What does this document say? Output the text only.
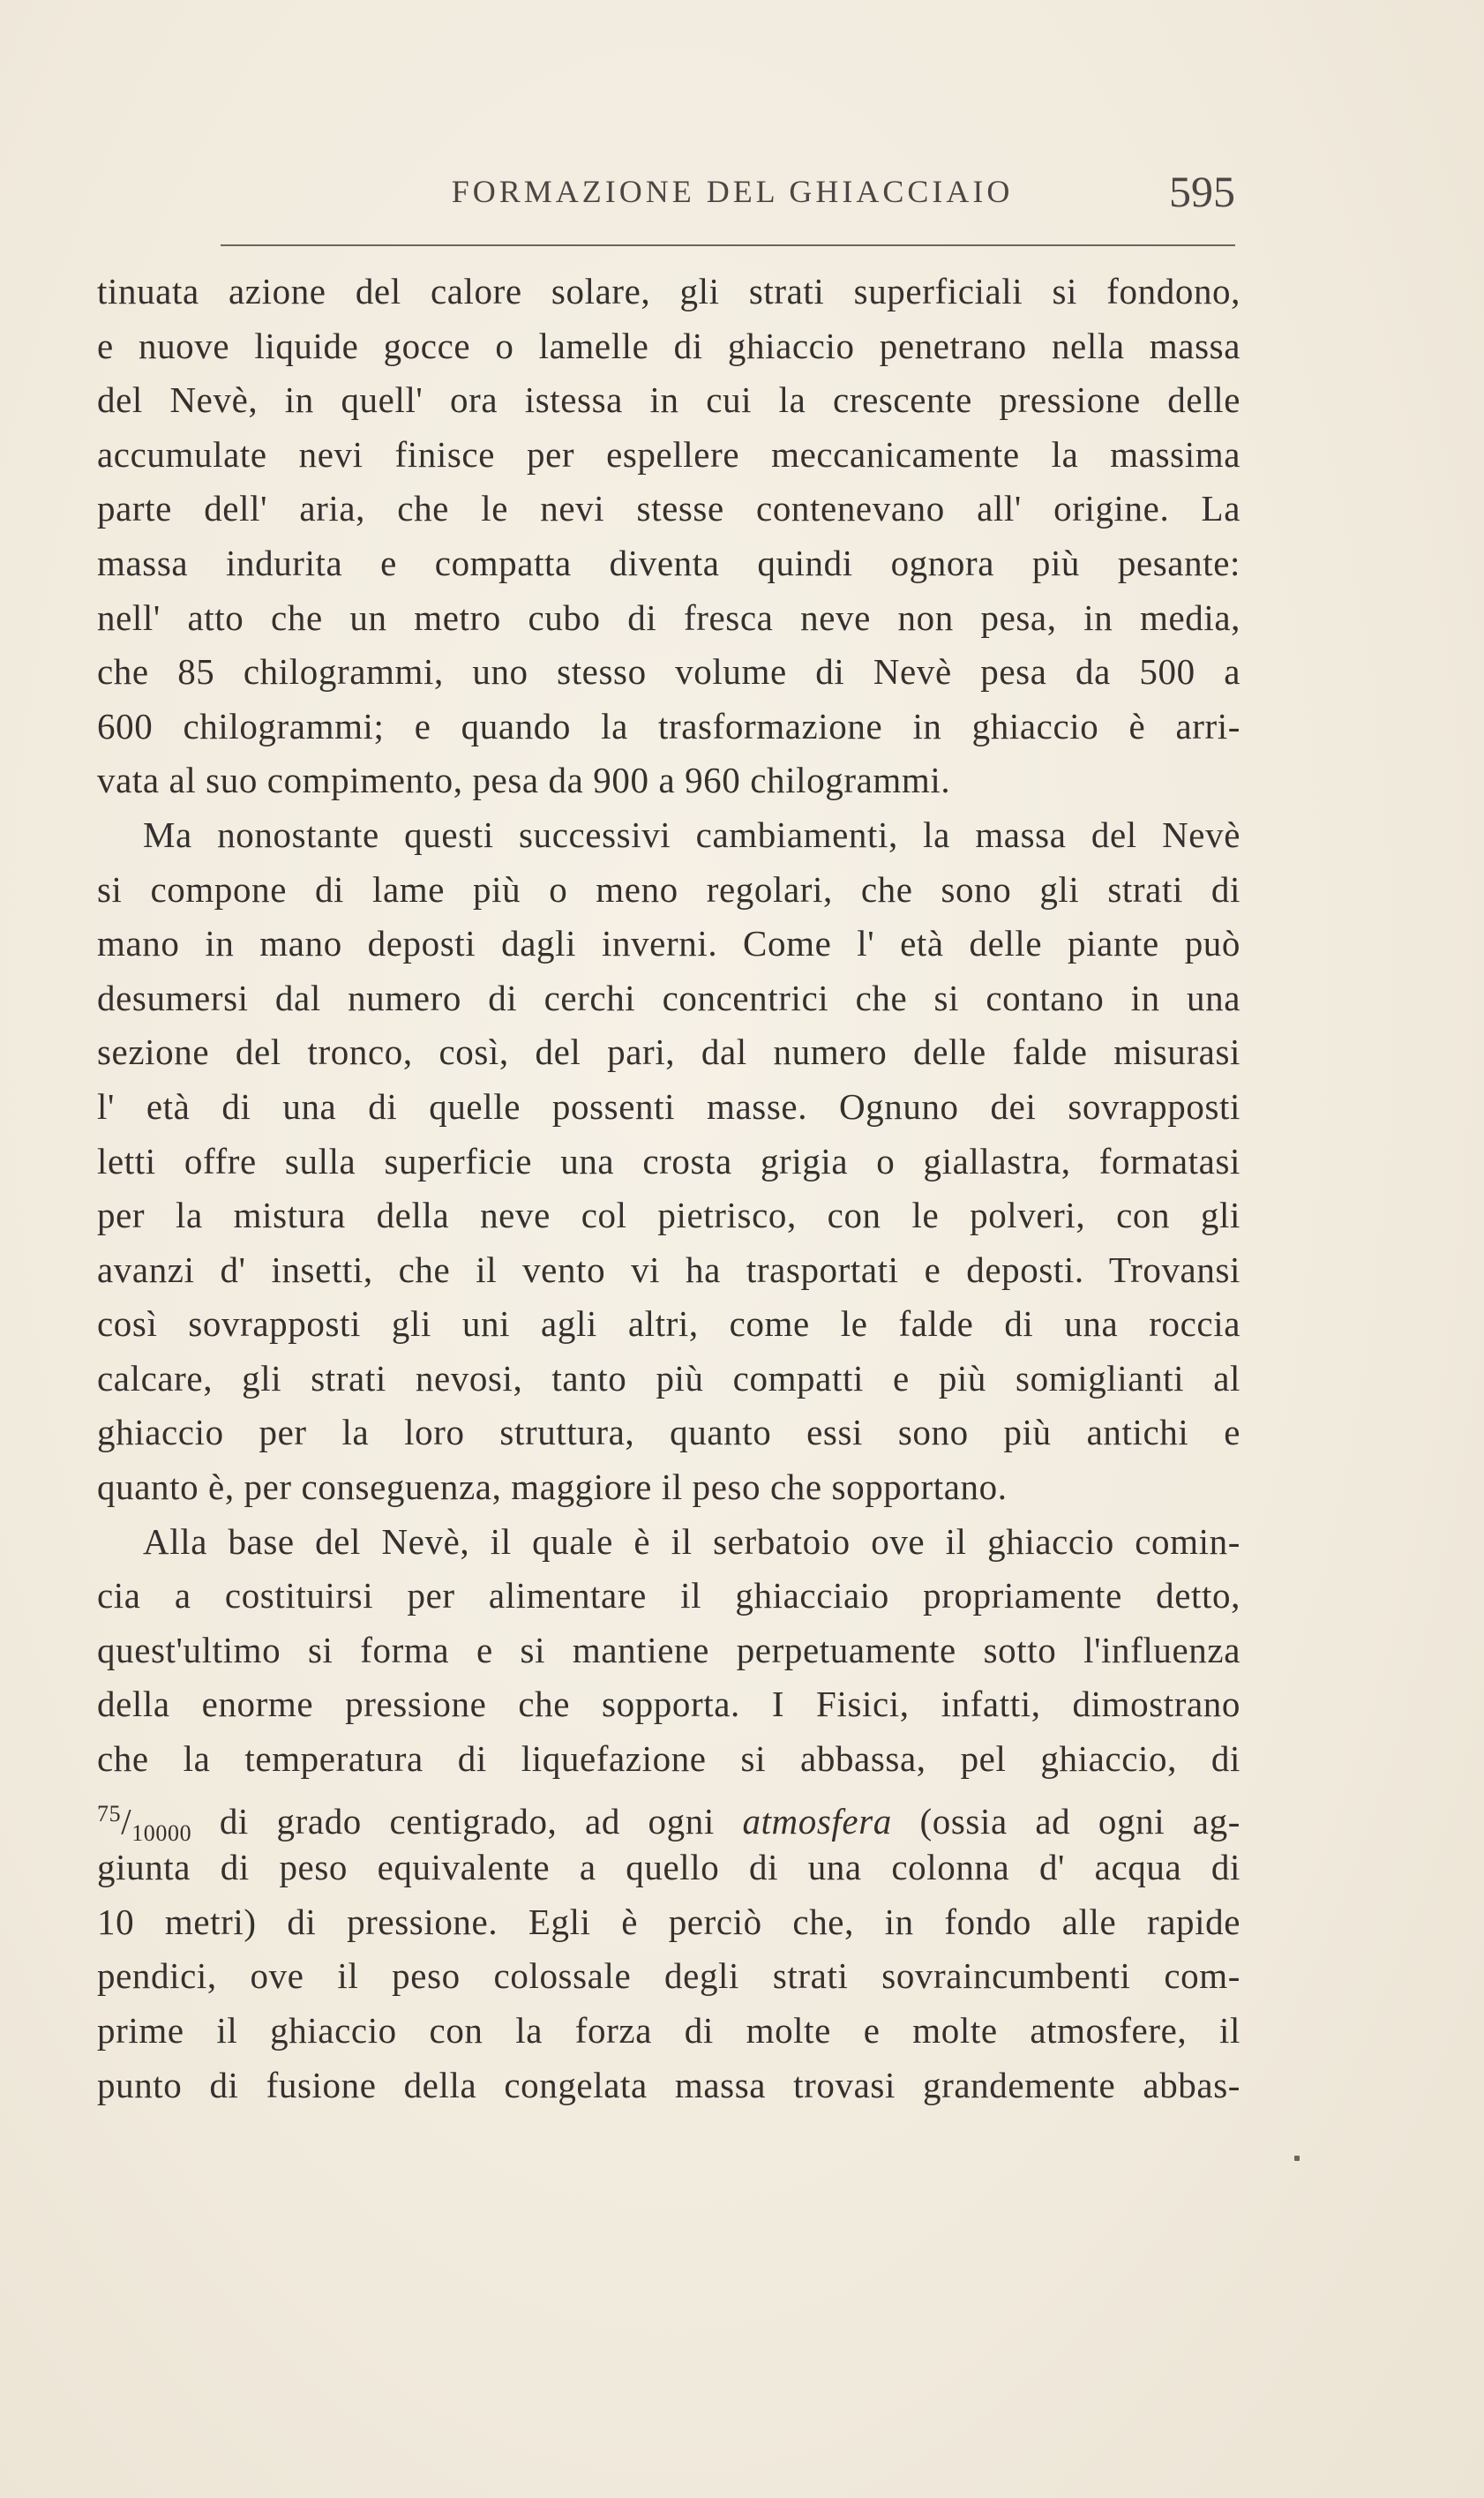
FORMAZIONE DEL GHIACCIAIO	595
tinuata azione del calore solare, gli strati superficiali si fondono,
e nuove liquide gocce o lamelle di ghiaccio penetrano nella massa
del Nevè, in quell' ora istessa in cui la crescente pressione delle
accumulate nevi finisce per espellere meccanicamente la massima
parte dell' aria, che le nevi stesse contenevano all' origine. La
massa indurita e compatta diventa quindi ognora più pesante:
nell' atto che un metro cubo di fresca neve non pesa, in media,
che 85 chilogrammi, uno stesso volume di Nevè pesa da 500 a
600 chilogrammi; e quando la trasformazione in ghiaccio è arri-
vata al suo compimento, pesa da 900 a 960 chilogrammi.
Ma nonostante questi successivi cambiamenti, la massa del Nevè
si compone di lame più o meno regolari, che sono gli strati di
mano in mano deposti dagli inverni. Come l' età delle piante può
desumersi dal numero di cerchi concentrici che si contano in una
sezione del tronco, così, del pari, dal numero delle falde misurasi
l' età di una di quelle possenti masse. Ognuno dei sovrapposti
letti offre sulla superficie una crosta grigia o giallastra, formatasi
per la mistura della neve col pietrisco, con le polveri, con gli
avanzi d' insetti, che il vento vi ha trasportati e deposti. Trovansi
così sovrapposti gli uni agli altri, come le falde di una roccia
calcare, gli strati nevosi, tanto più compatti e più somiglianti al
ghiaccio per la loro struttura, quanto essi sono più antichi e
quanto è, per conseguenza, maggiore il peso che sopportano.
Alla base del Nevè, il quale è il serbatoio ove il ghiaccio comin-
cia a costituirsi per alimentare il ghiacciaio propriamente detto,
quest'ultimo si forma e si mantiene perpetuamente sotto l'influenza
della enorme pressione che sopporta. I Fisici, infatti, dimostrano
che la temperatura di liquefazione si abbassa, pel ghiaccio, di
$^{75}/_{10000}$ di grado centigrado, ad ogni atmosfera (ossia ad ogni ag-
giunta di peso equivalente a quello di una colonna d' acqua di
10 metri) di pressione. Egli è perciò che, in fondo alle rapide
pendici, ove il peso colossale degli strati sovraincumbenti com-
prime il ghiaccio con la forza di molte e molte atmosfere, il
punto di fusione della congelata massa trovasi grandemente abbas-
